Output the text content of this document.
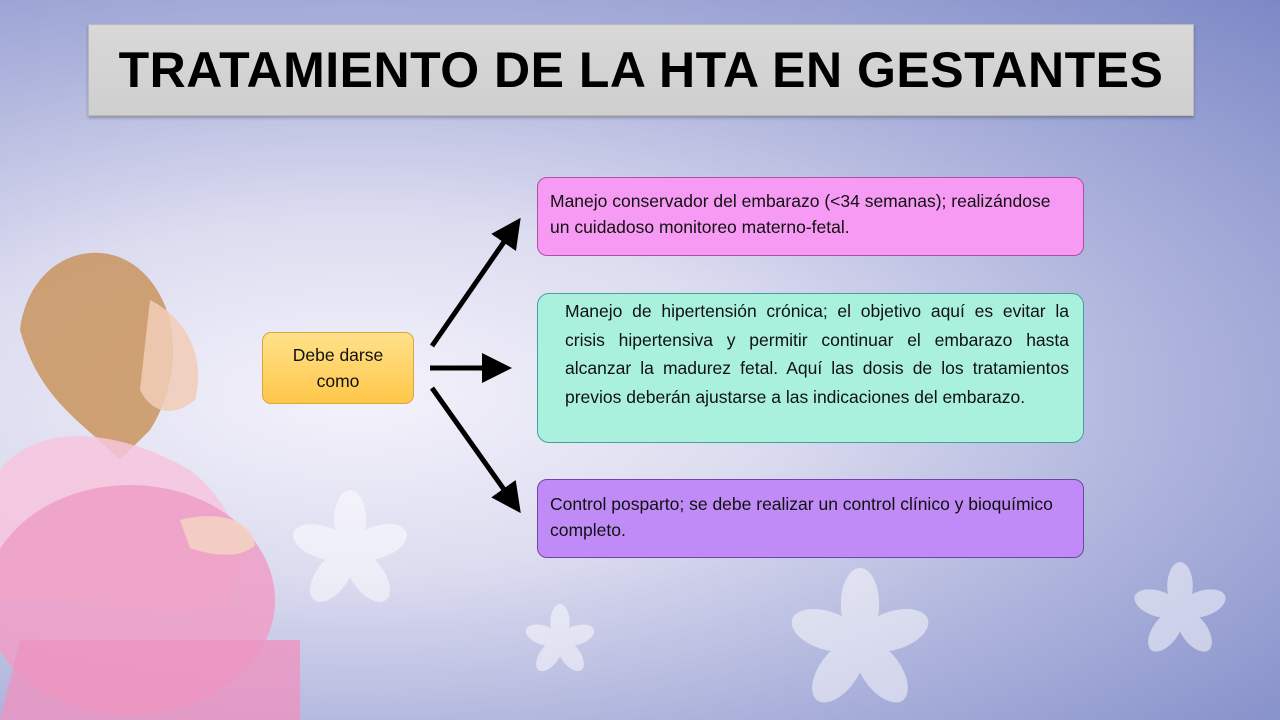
TRATAMIENTO DE LA HTA EN GESTANTES
Debe darse como
Manejo conservador del embarazo (<34 semanas); realizándose un cuidadoso monitoreo materno-fetal.
Manejo de hipertensión crónica; el objetivo aquí es evitar la crisis hipertensiva y permitir continuar el embarazo hasta alcanzar la madurez fetal. Aquí las dosis de los tratamientos previos deberán ajustarse a las indicaciones del embarazo.
Control posparto; se debe realizar un control clínico y bioquímico completo.
